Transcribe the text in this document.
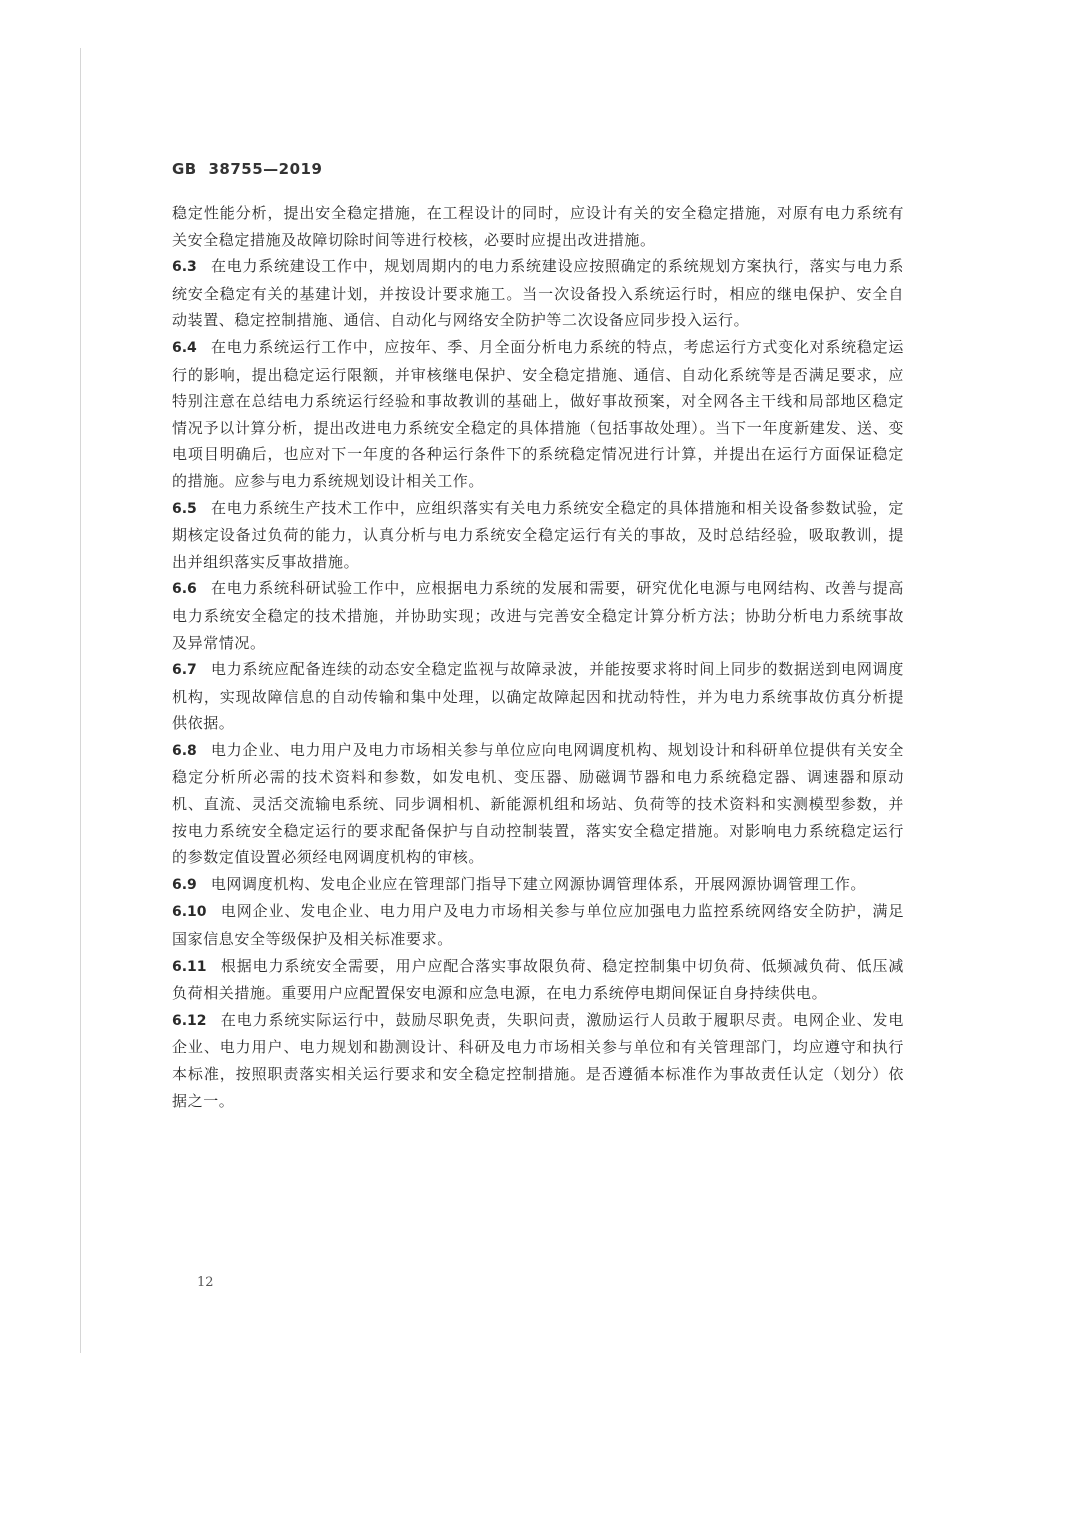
GB 38755—2019

稳定性能分析，提出安全稳定措施，在工程设计的同时，应设计有关的安全稳定措施，对原有电力系统有关安全稳定措施及故障切除时间等进行校核，必要时应提出改进措施。

6.3 在电力系统建设工作中，规划周期内的电力系统建设应按照确定的系统规划方案执行，落实与电力系统安全稳定有关的基建计划，并按设计要求施工。当一次设备投入系统运行时，相应的继电保护、安全自动装置、稳定控制措施、通信、自动化与网络安全防护等二次设备应同步投入运行。

6.4 在电力系统运行工作中，应按年、季、月全面分析电力系统的特点，考虑运行方式变化对系统稳定运行的影响，提出稳定运行限额，并审核继电保护、安全稳定措施、通信、自动化系统等是否满足要求，应特别注意在总结电力系统运行经验和事故教训的基础上，做好事故预案，对全网各主干线和局部地区稳定情况予以计算分析，提出改进电力系统安全稳定的具体措施（包括事故处理）。当下一年度新建发、送、变电项目明确后，也应对下一年度的各种运行条件下的系统稳定情况进行计算，并提出在运行方面保证稳定的措施。应参与电力系统规划设计相关工作。

6.5 在电力系统生产技术工作中，应组织落实有关电力系统安全稳定的具体措施和相关设备参数试验，定期核定设备过负荷的能力，认真分析与电力系统安全稳定运行有关的事故，及时总结经验，吸取教训，提出并组织落实反事故措施。

6.6 在电力系统科研试验工作中，应根据电力系统的发展和需要，研究优化电源与电网结构、改善与提高电力系统安全稳定的技术措施，并协助实现；改进与完善安全稳定计算分析方法；协助分析电力系统事故及异常情况。

6.7 电力系统应配备连续的动态安全稳定监视与故障录波，并能按要求将时间上同步的数据送到电网调度机构，实现故障信息的自动传输和集中处理，以确定故障起因和扰动特性，并为电力系统事故仿真分析提供依据。

6.8 电力企业、电力用户及电力市场相关参与单位应向电网调度机构、规划设计和科研单位提供有关安全稳定分析所必需的技术资料和参数，如发电机、变压器、励磁调节器和电力系统稳定器、调速器和原动机、直流、灵活交流输电系统、同步调相机、新能源机组和场站、负荷等的技术资料和实测模型参数，并按电力系统安全稳定运行的要求配备保护与自动控制装置，落实安全稳定措施。对影响电力系统稳定运行的参数定值设置必须经电网调度机构的审核。

6.9 电网调度机构、发电企业应在管理部门指导下建立网源协调管理体系，开展网源协调管理工作。

6.10 电网企业、发电企业、电力用户及电力市场相关参与单位应加强电力监控系统网络安全防护，满足国家信息安全等级保护及相关标准要求。

6.11 根据电力系统安全需要，用户应配合落实事故限负荷、稳定控制集中切负荷、低频减负荷、低压减负荷相关措施。重要用户应配置保安电源和应急电源，在电力系统停电期间保证自身持续供电。

6.12 在电力系统实际运行中，鼓励尽职免责，失职问责，激励运行人员敢于履职尽责。电网企业、发电企业、电力用户、电力规划和勘测设计、科研及电力市场相关参与单位和有关管理部门，均应遵守和执行本标准，按照职责落实相关运行要求和安全稳定控制措施。是否遵循本标准作为事故责任认定（划分）依据之一。

12
